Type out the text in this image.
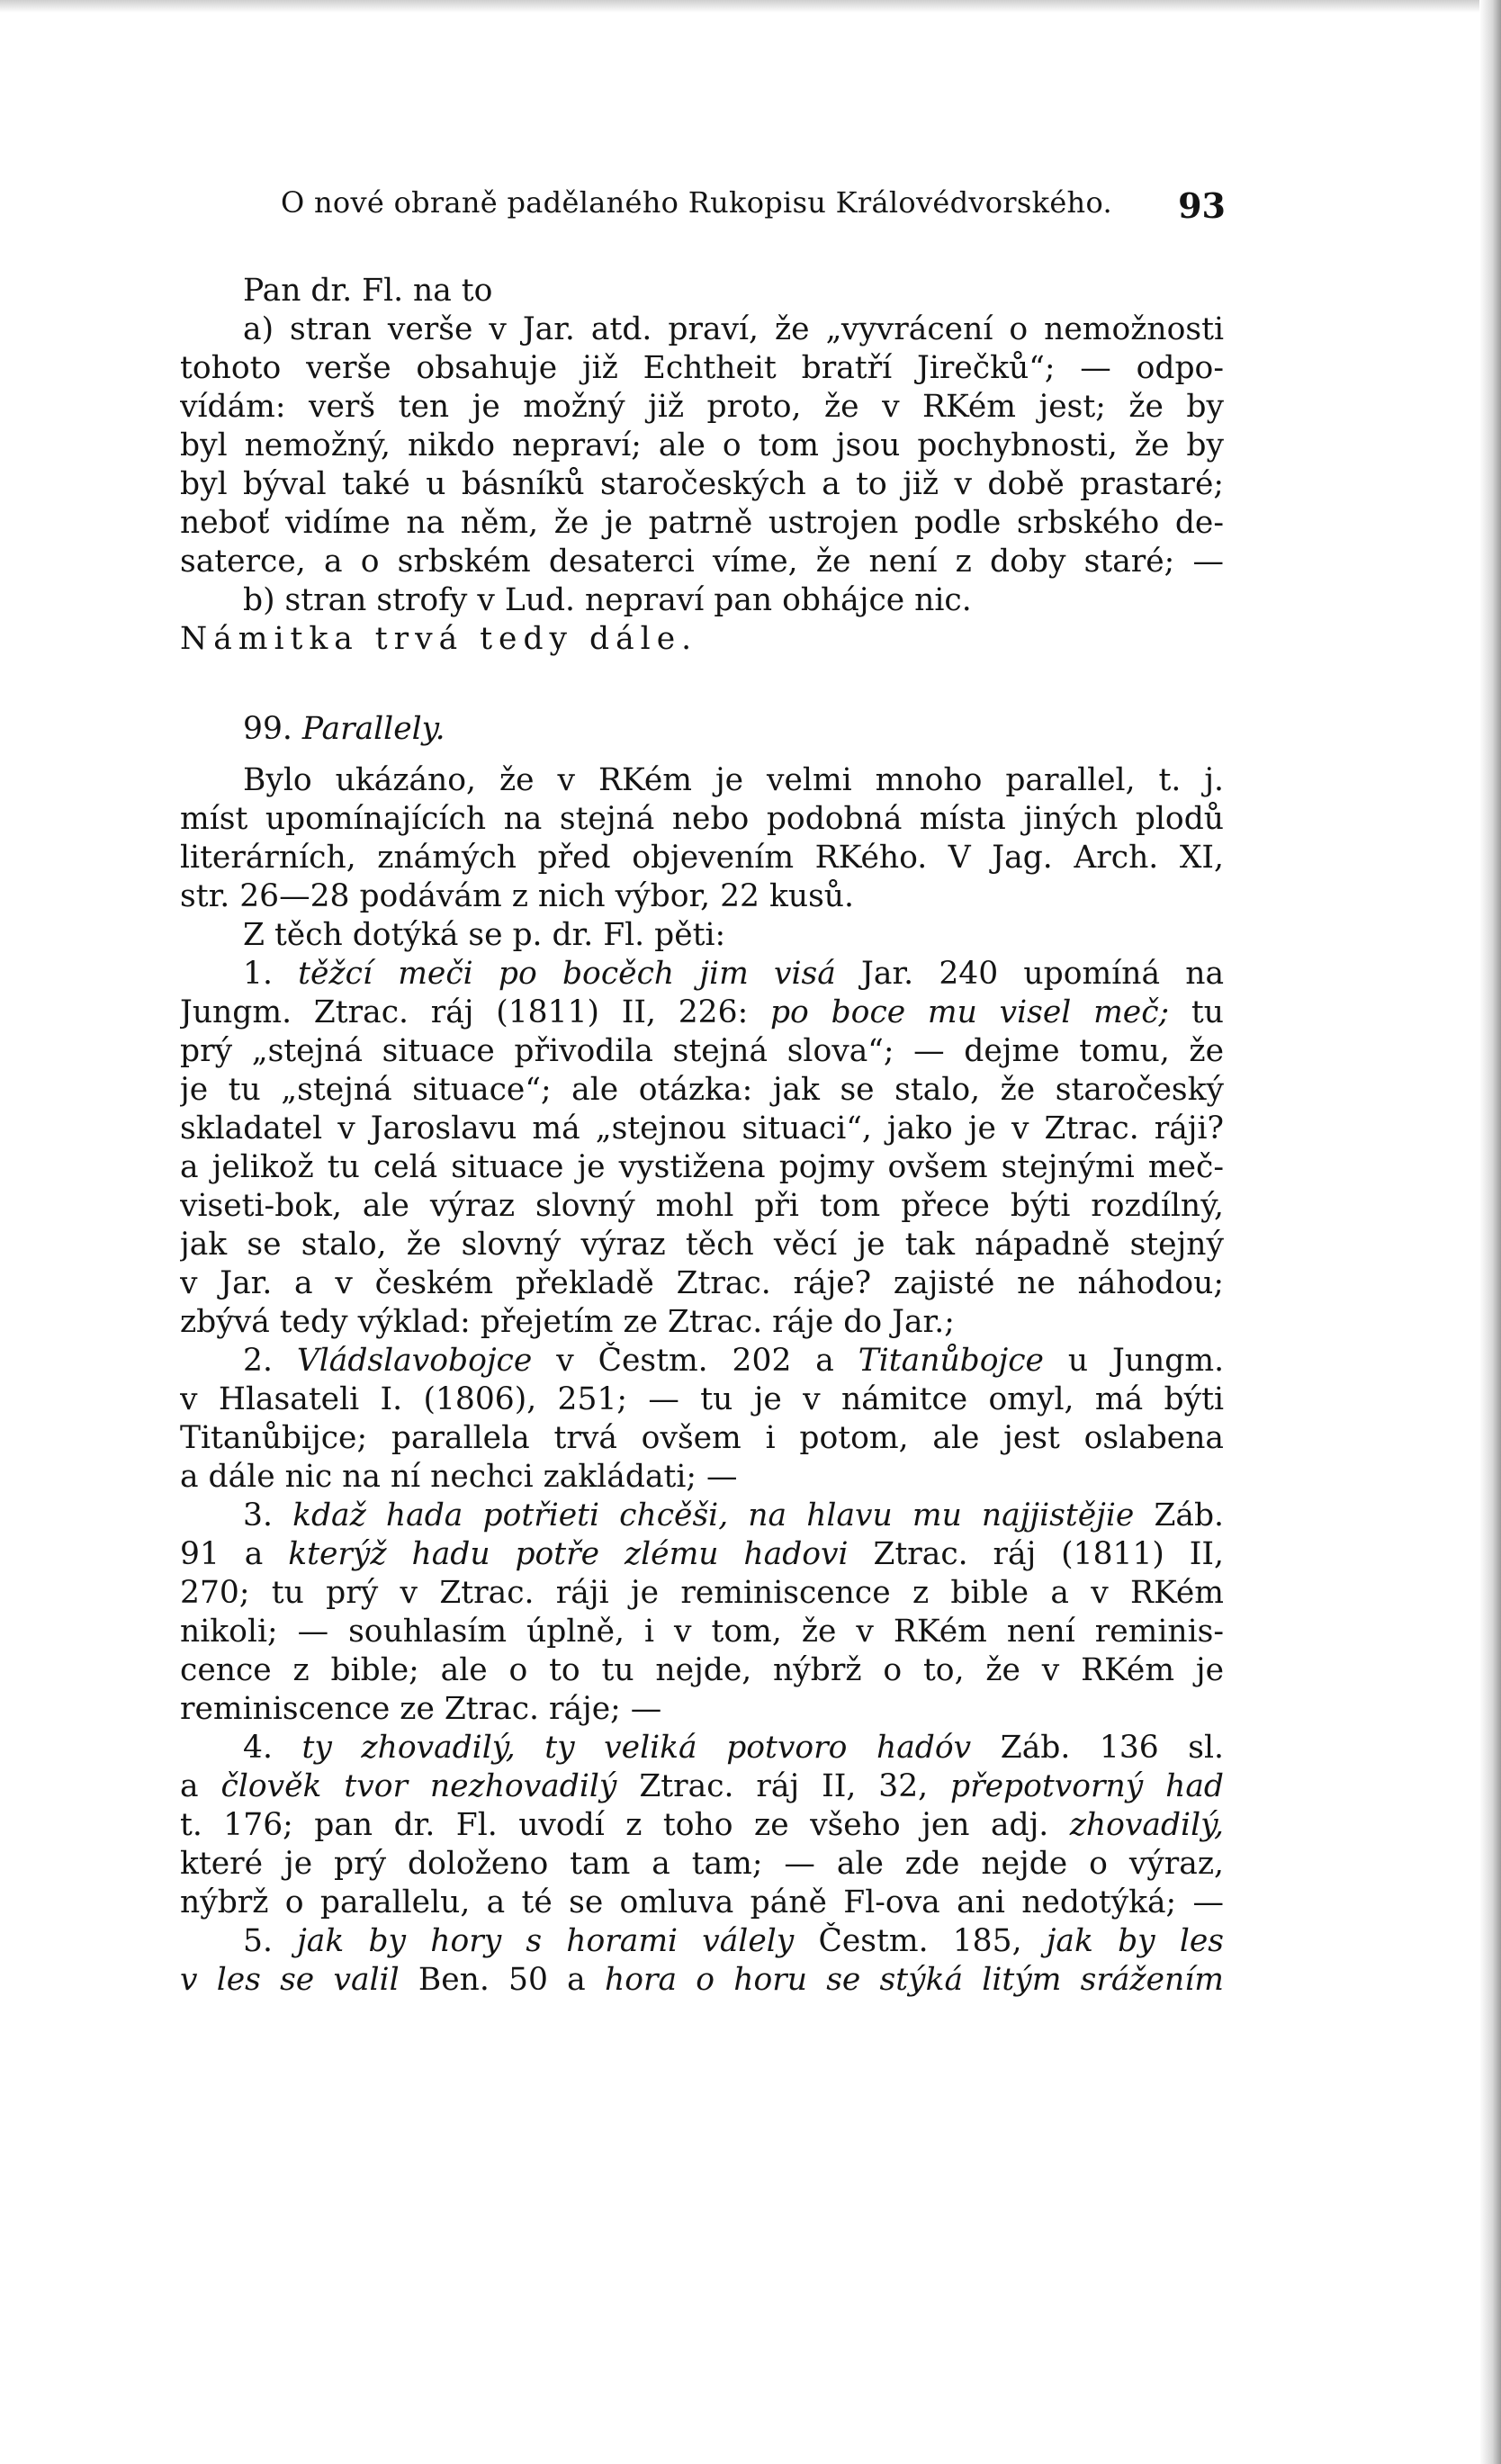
O nové obraně padělaného Rukopisu Královédvorského. 93
Pan dr. Fl. na to
a) stran verše v Jar. atd. praví, že „vyvrácení o nemožnosti
tohoto verše obsahuje již Echtheit bratří Jirečků“; — odpo-
vídám: verš ten je možný již proto, že v RKém jest; že by
byl nemožný, nikdo nepraví; ale o tom jsou pochybnosti, že by
byl býval také u básníků staročeských a to již v době prastaré;
neboť vidíme na něm, že je patrně ustrojen podle srbského de-
saterce, a o srbském desaterci víme, že není z doby staré; —
b) stran strofy v Lud. nepraví pan obhájce nic.
Námitka trvá tedy dále.
99. Parallely.
Bylo ukázáno, že v RKém je velmi mnoho parallel, t. j.
míst upomínajících na stejná nebo podobná místa jiných plodů
literárních, známých před objevením RKého. V Jag. Arch. XI,
str. 26—28 podávám z nich výbor, 22 kusů.
Z těch dotýká se p. dr. Fl. pěti:
1. těžcí meči po bocěch jim visá Jar. 240 upomíná na
Jungm. Ztrac. ráj (1811) II, 226: po boce mu visel meč; tu
prý „stejná situace přivodila stejná slova“; — dejme tomu, že
je tu „stejná situace“; ale otázka: jak se stalo, že staročeský
skladatel v Jaroslavu má „stejnou situaci“, jako je v Ztrac. ráji?
a jelikož tu celá situace je vystižena pojmy ovšem stejnými meč-
viseti-bok, ale výraz slovný mohl při tom přece býti rozdílný,
jak se stalo, že slovný výraz těch věcí je tak nápadně stejný
v Jar. a v českém překladě Ztrac. ráje? zajisté ne náhodou;
zbývá tedy výklad: přejetím ze Ztrac. ráje do Jar.;
2. Vládslavobojce v Čestm. 202 a Titanůbojce u Jungm.
v Hlasateli I. (1806), 251; — tu je v námitce omyl, má býti
Titanůbijce; parallela trvá ovšem i potom, ale jest oslabena
a dále nic na ní nechci zakládati; —
3. kdaž hada potřieti chcěši, na hlavu mu najjistějie Záb.
91 a kterýž hadu potře zlému hadovi Ztrac. ráj (1811) II,
270; tu prý v Ztrac. ráji je reminiscence z bible a v RKém
nikoli; — souhlasím úplně, i v tom, že v RKém není reminis-
cence z bible; ale o to tu nejde, nýbrž o to, že v RKém je
reminiscence ze Ztrac. ráje; —
4. ty zhovadilý, ty veliká potvoro hadóv Záb. 136 sl.
a člověk tvor nezhovadilý Ztrac. ráj II, 32, přepotvorný had
t. 176; pan dr. Fl. uvodí z toho ze všeho jen adj. zhovadilý,
které je prý doloženo tam a tam; — ale zde nejde o výraz,
nýbrž o parallelu, a té se omluva páně Fl-ova ani nedotýká; —
5. jak by hory s horami válely Čestm. 185, jak by les
v les se valil Ben. 50 a hora o horu se stýká litým srážením
